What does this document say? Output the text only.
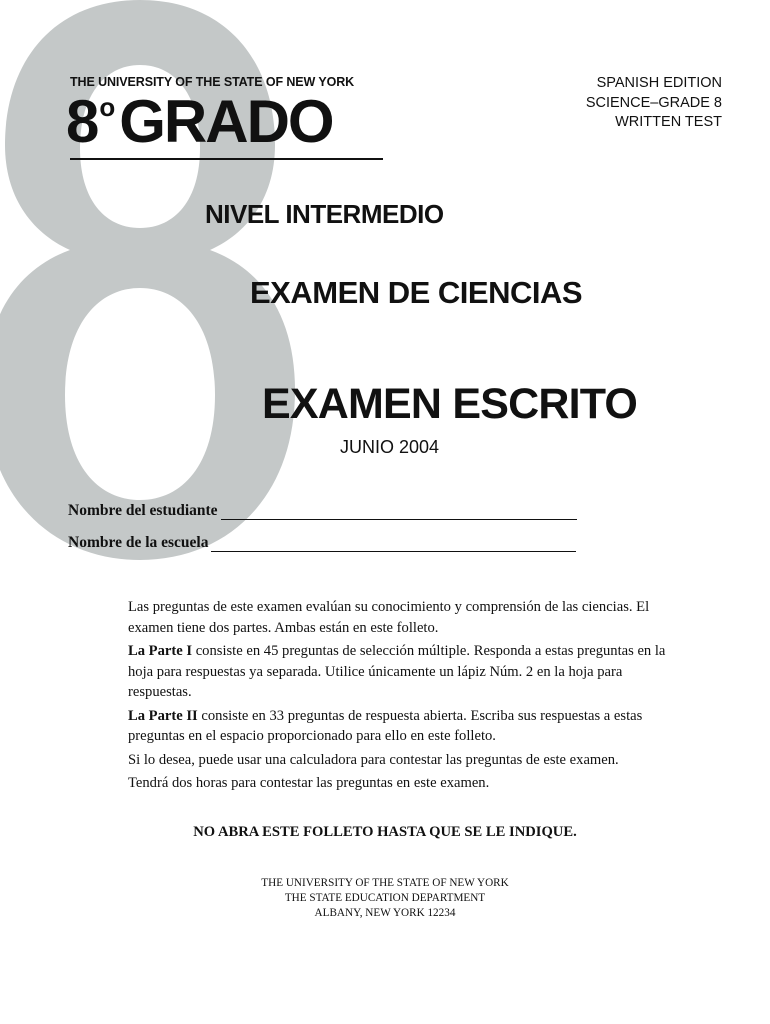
THE UNIVERSITY OF THE STATE OF NEW YORK
8$^o$ GRADO
SPANISH EDITION
SCIENCE–GRADE 8
WRITTEN TEST
NIVEL INTERMEDIO
EXAMEN DE CIENCIAS
EXAMEN ESCRITO
JUNIO 2004
Nombre del estudiante
Nombre de la escuela

Las preguntas de este examen evalúan su conocimiento y comprensión de las ciencias. El examen tiene dos partes. Ambas están en este folleto.

La Parte I consiste en 45 preguntas de selección múltiple. Responda a estas preguntas en la hoja para respuestas ya separada. Utilice únicamente un lápiz Núm. 2 en la hoja para respuestas.

La Parte II consiste en 33 preguntas de respuesta abierta. Escriba sus respuestas a estas preguntas en el espacio proporcionado para ello en este folleto.

Si lo desea, puede usar una calculadora para contestar las preguntas de este examen.

Tendrá dos horas para contestar las preguntas en este examen.

NO ABRA ESTE FOLLETO HASTA QUE SE LE INDIQUE.
THE UNIVERSITY OF THE STATE OF NEW YORK
THE STATE EDUCATION DEPARTMENT
ALBANY, NEW YORK 12234
